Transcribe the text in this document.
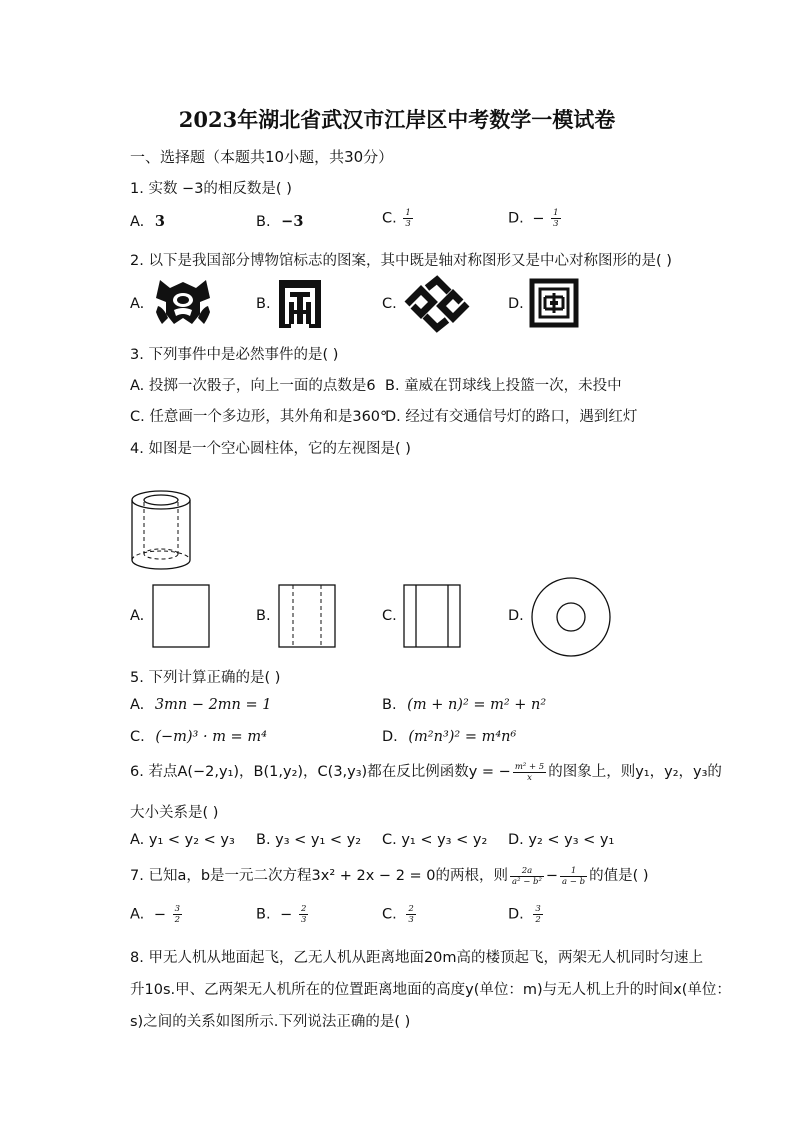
2023年湖北省武汉市江岸区中考数学一模试卷
一、选择题（本题共10小题，共30分）
1. 实数 −3的相反数是( )
A. 3	B. −3	C. $\frac{1}{3}$	D. − $\frac{1}{3}$
2. 以下是我国部分博物馆标志的图案，其中既是轴对称图形又是中心对称图形的是( )
A.	B.	C.	D.
3. 下列事件中是必然事件的是( )
A. 投掷一次骰子，向上一面的点数是6 B. 童威在罚球线上投篮一次，未投中
C. 任意画一个多边形，其外角和是360°
D. 经过有交通信号灯的路口，遇到红灯
4. 如图是一个空心圆柱体，它的左视图是( )
A.	B.	C.	D.
5. 下列计算正确的是( )
A. 3mn − 2mn = 1	B. (m + n)² = m² + n²
C. (−m)³ · m = m⁴	D. (m²n³)² = m⁴n⁶
6. 若点A(−2,y₁)，B(1,y₂)，C(3,y₃)都在反比例函数y = − $\frac{\text{m² + 5}}{x}$ 的图象上，则y₁，y₂，y₃的
大小关系是( )
A. y₁ < y₂ < y₃ B. y₃ < y₁ < y₂ C. y₁ < y₃ < y₂ D. y₂ < y₃ < y₁
7. 已知a，b是一元二次方程3x² + 2x − 2 = 0的两根，则 $\frac{2a}{\text{a² − b²}} - \frac{1}{a - b}$ 的值是( )
A. − $\frac{3}{2}$	B. − $\frac{2}{3}$	C. $\frac{2}{3}$	D. $\frac{3}{2}$
8. 甲无人机从地面起飞，乙无人机从距离地面20m高的楼顶起飞，两架无人机同时匀速上
升10s.甲、乙两架无人机所在的位置距离地面的高度y(单位：m)与无人机上升的时间x(单位：
s)之间的关系如图所示.下列说法正确的是( )
